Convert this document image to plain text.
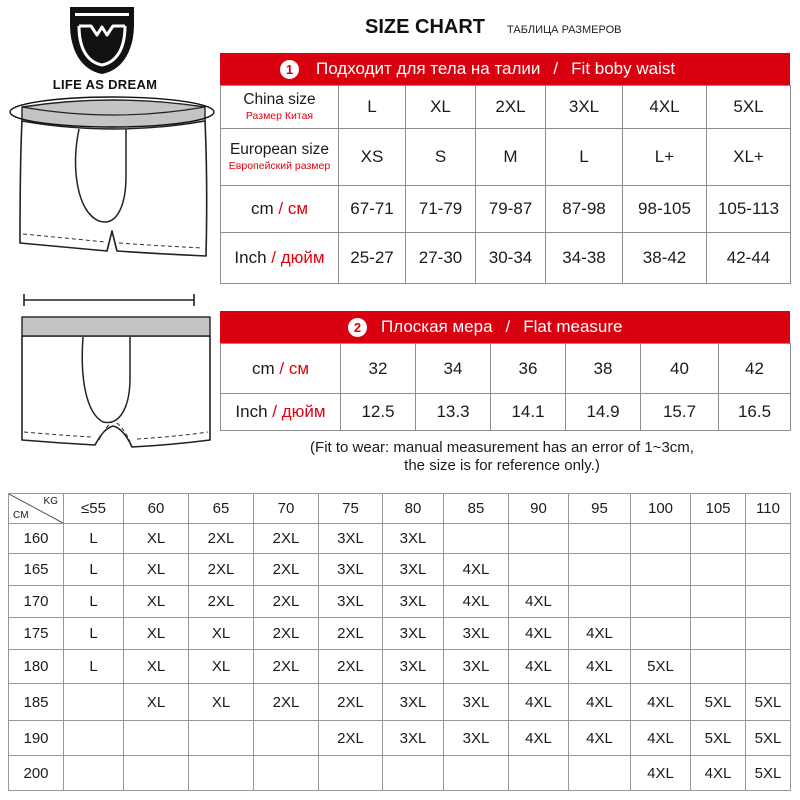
LIFE AS DREAM
SIZE CHART ТАБЛИЦА РАЗМЕРОВ
1	Подходит для тела на талии / Fit boby waist
China size
Размер Китая	L	XL	2XL	3XL	4XL	5XL

European size
Европейский размер	XS	S	M	L	L+	XL+
cm / см	67-71	71-79	79-87	87-98	98-105	105-113
Inch / дюйм	25-27	27-30	30-34	34-38	38-42	42-44
2	Плоская мера / Flat measure
cm / см	32	34	36	38	40	42
Inch / дюйм	12.5	13.3	14.1	14.9	15.7	16.5
(Fit to wear: manual measurement has an error of 1~3cm,
the size is for reference only.)
KG
CM	≤55	60	65	70	75	80	85	90	95	100	105	110
160	L	XL	2XL	2XL	3XL	3XL						
165	L	XL	2XL	2XL	3XL	3XL	4XL					
170	L	XL	2XL	2XL	3XL	3XL	4XL	4XL				
175	L	XL	XL	2XL	2XL	3XL	3XL	4XL	4XL			
180	L	XL	XL	2XL	2XL	3XL	3XL	4XL	4XL	5XL		
185		XL	XL	2XL	2XL	3XL	3XL	4XL	4XL	4XL	5XL	5XL
190					2XL	3XL	3XL	4XL	4XL	4XL	5XL	5XL
200										4XL	4XL	5XL
